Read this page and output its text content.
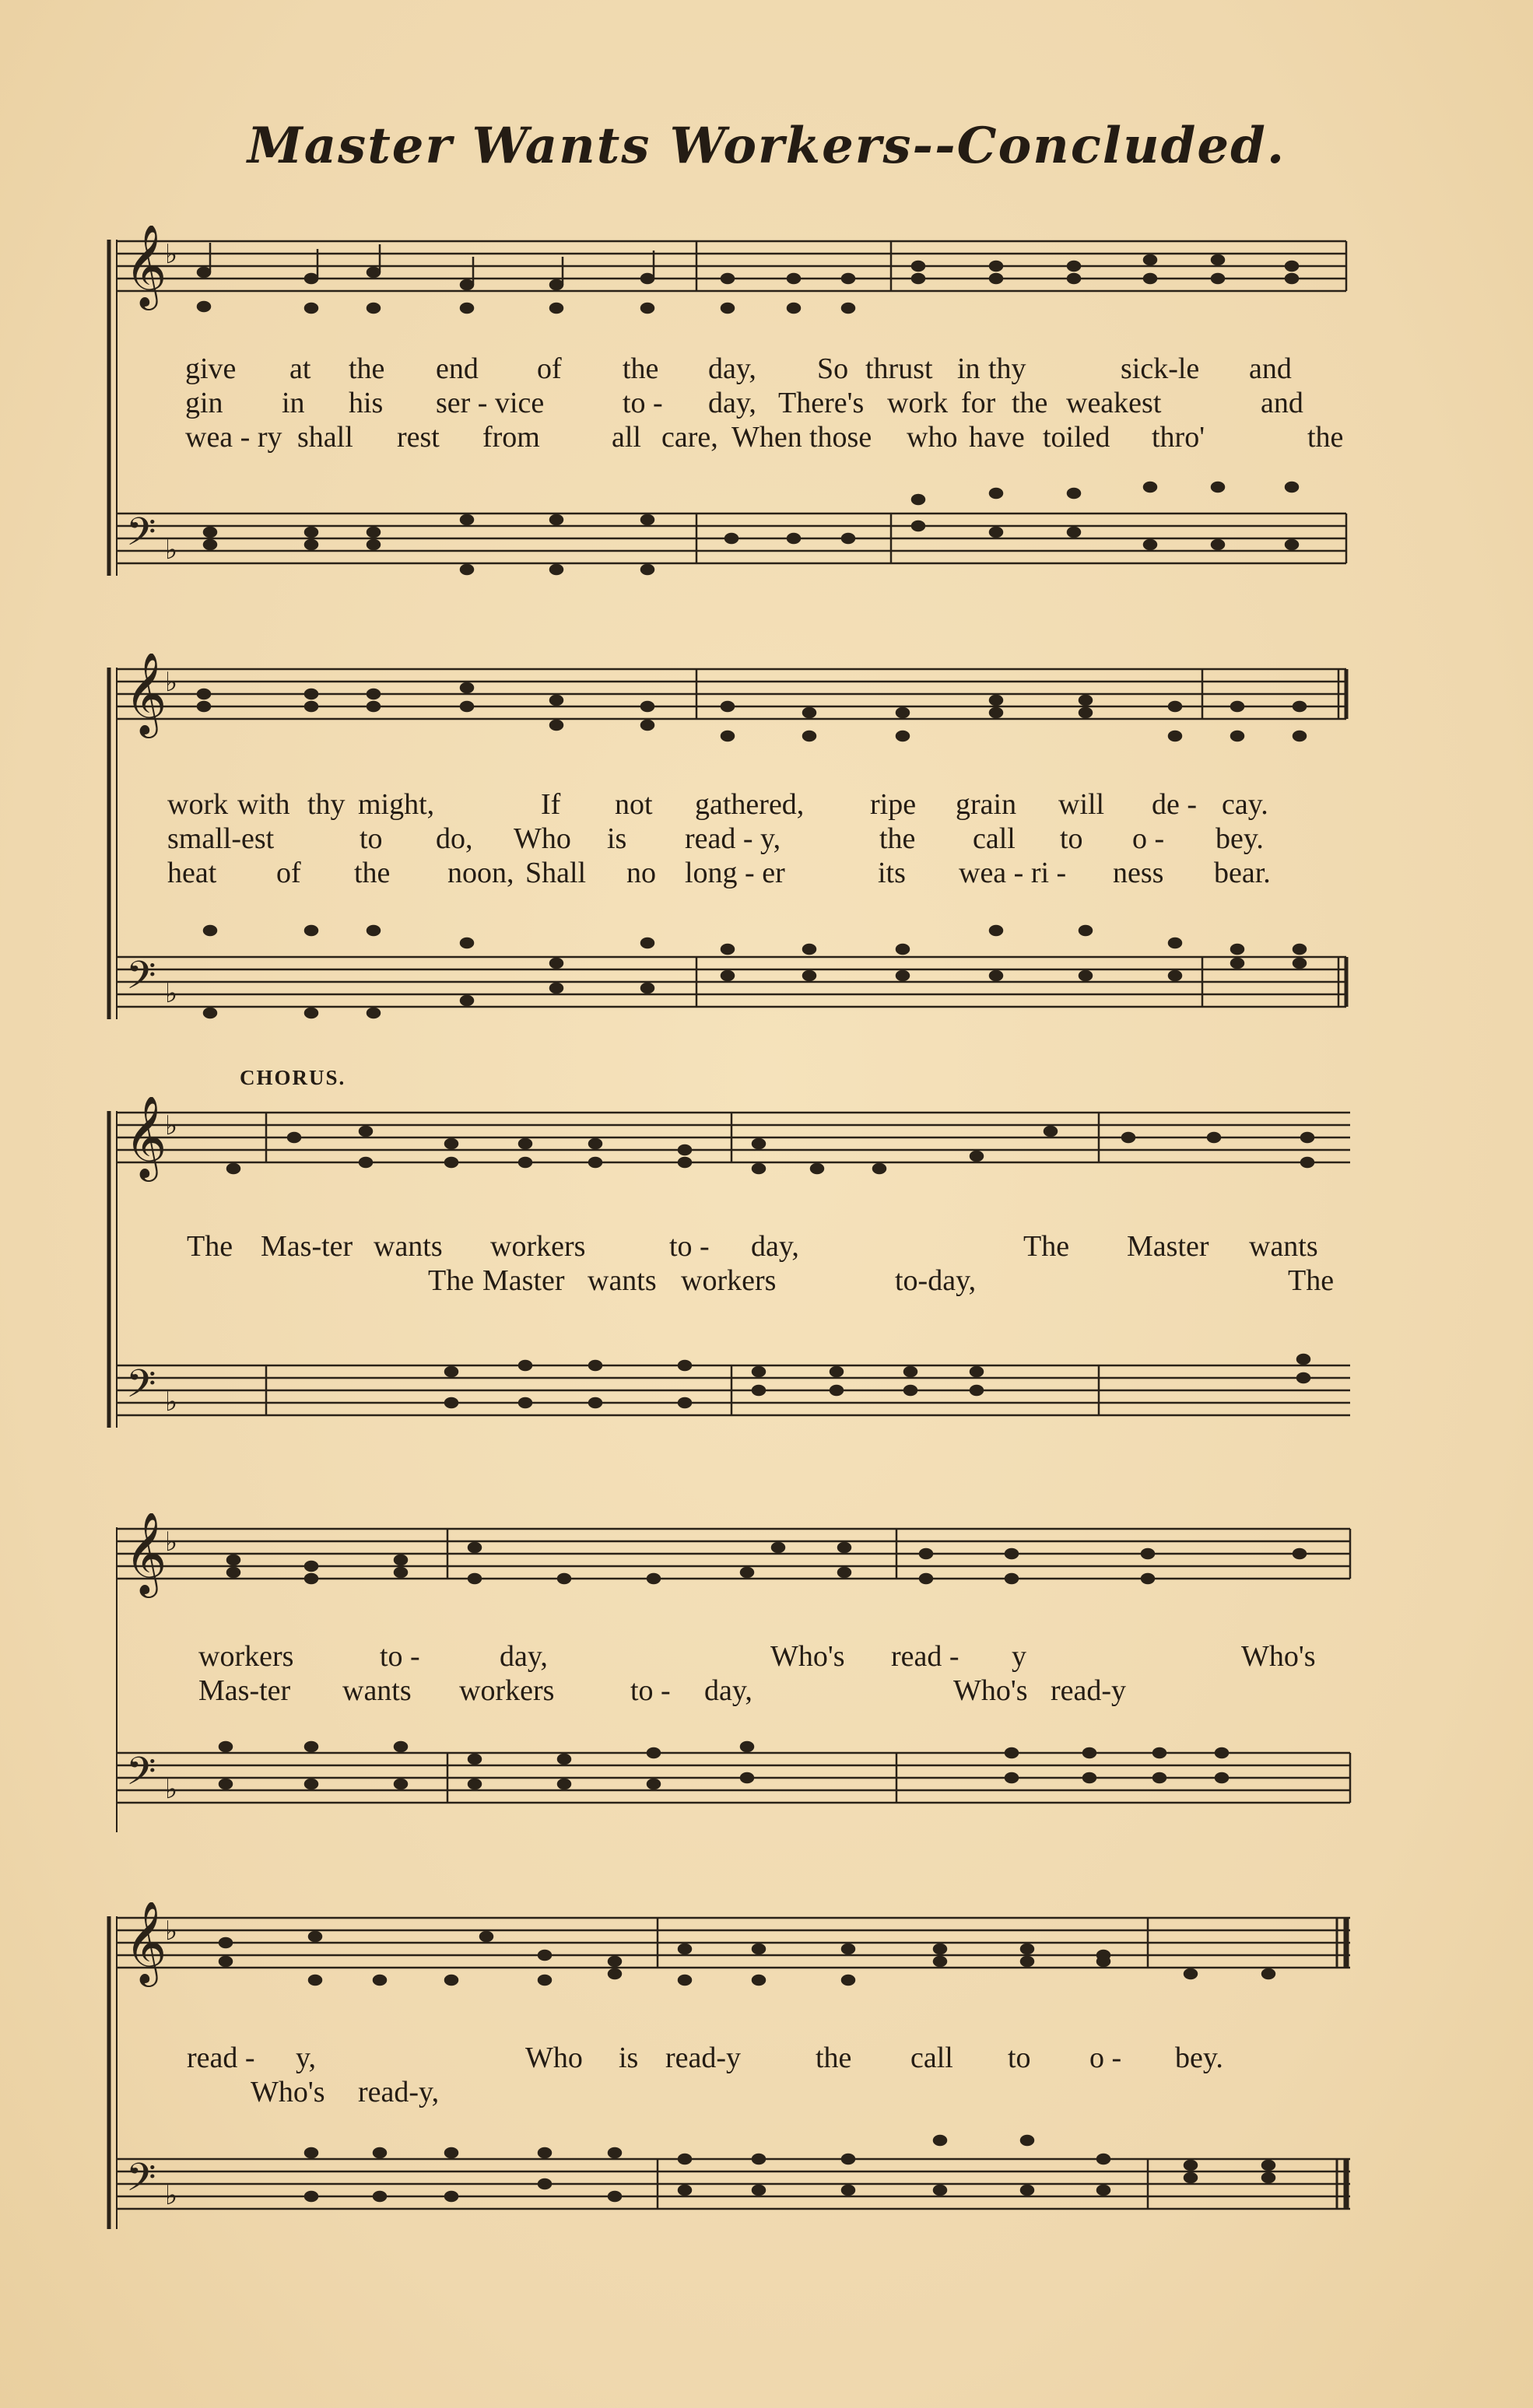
Master Wants Workers--Concluded.
𝄞
𝄢
♭
♭
give at the end of the day, So thrust in thy	sick-le and
gin in his ser - vice	to - day, There's work for the weakest	and
wea - ry shall rest from all care, When those who have toiled thro'	the
𝄞
𝄢
♭
♭
work with thy might,	If not gathered, ripe grain will de - cay.
small-est	to do, Who is read - y,	the call to o - bey.
heat of the noon, Shall no long - er	its wea - ri - ness bear.
CHORUS.
𝄞
𝄢
♭
♭
The Mas-ter wants workers	to - day,	The Master wants
The Master wants workers	to-day,	The
𝄞
𝄢
♭
♭
workers	to -	day,	Who's read - y	Who's
Mas-ter wants workers	to - day,	Who's read-y
𝄞
𝄢
♭
♭
read - y,	Who is read-y	the call to o - bey.
Who's read-y,
